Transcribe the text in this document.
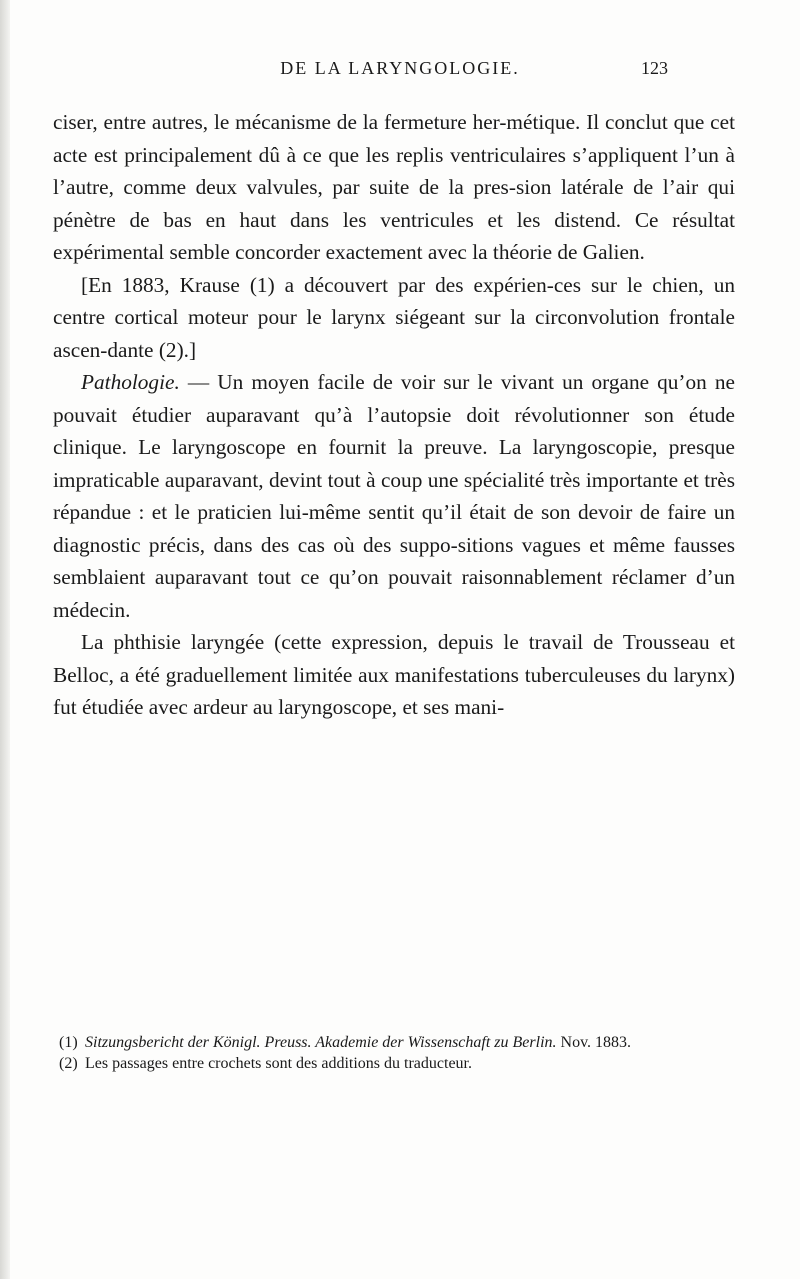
DE LA LARYNGOLOGIE.	123

ciser, entre autres, le mécanisme de la fermeture her-métique. Il conclut que cet acte est principalement dû à ce que les replis ventriculaires s’appliquent l’un à l’autre, comme deux valvules, par suite de la pres-sion latérale de l’air qui pénètre de bas en haut dans les ventricules et les distend. Ce résultat expérimental semble concorder exactement avec la théorie de Galien.

[En 1883, Krause (1) a découvert par des expérien-ces sur le chien, un centre cortical moteur pour le larynx siégeant sur la circonvolution frontale ascen-dante (2).]

Pathologie. — Un moyen facile de voir sur le vivant un organe qu’on ne pouvait étudier auparavant qu’à l’autopsie doit révolutionner son étude clinique. Le laryngoscope en fournit la preuve. La laryngoscopie, presque impraticable auparavant, devint tout à coup une spécialité très importante et très répandue : et le praticien lui-même sentit qu’il était de son devoir de faire un diagnostic précis, dans des cas où des suppo-sitions vagues et même fausses semblaient auparavant tout ce qu’on pouvait raisonnablement réclamer d’un médecin.

La phthisie laryngée (cette expression, depuis le travail de Trousseau et Belloc, a été graduellement limitée aux manifestations tuberculeuses du larynx) fut étudiée avec ardeur au laryngoscope, et ses mani-

(1) Sitzungsbericht der Königl. Preuss. Akademie der Wissenschaft zu Berlin. Nov. 1883.

(2) Les passages entre crochets sont des additions du traducteur.
